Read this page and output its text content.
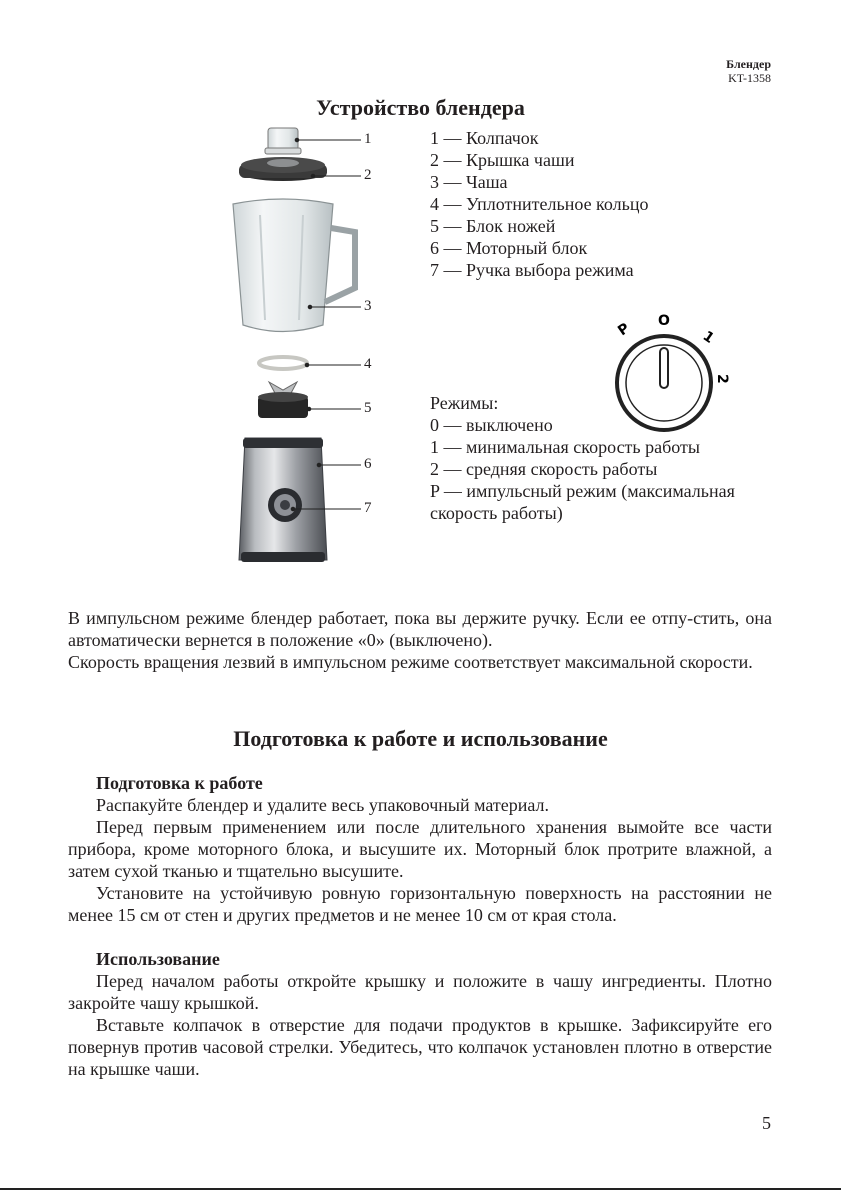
Блендер
KT-1358
Устройство блендера
1
2
3
4
5
6
7
1 — Колпачок
2 — Крышка чаши
3 — Чаша
4 — Уплотнительное кольцо
5 — Блок ножей
6 — Моторный блок
7 — Ручка выбора режима
P O
1
2
Режимы:
0 — выключено
1 — минимальная скорость работы
2 — средняя скорость работы
P — импульсный режим (максимальная скорость работы)

В импульсном режиме блендер работает, пока вы держите ручку. Если ее отпу-стить, она автоматически вернется в положение «0» (выключено).

Скорость вращения лезвий в импульсном режиме соответствует максимальной скорости.

Подготовка к работе и использование

Подготовка к работе

Распакуйте блендер и удалите весь упаковочный материал.

Перед первым применением или после длительного хранения вымойте все части прибора, кроме моторного блока, и высушите их. Моторный блок протрите влажной, а затем сухой тканью и тщательно высушите.

Установите на устойчивую ровную горизонтальную поверхность на расстоянии не менее 15 см от стен и других предметов и не менее 10 см от края стола.

Использование

Перед началом работы откройте крышку и положите в чашу ингредиенты. Плотно закройте чашу крышкой.

Вставьте колпачок в отверстие для подачи продуктов в крышке. Зафиксируйте его повернув против часовой стрелки. Убедитесь, что колпачок установлен плотно в отверстие на крышке чаши.

5
